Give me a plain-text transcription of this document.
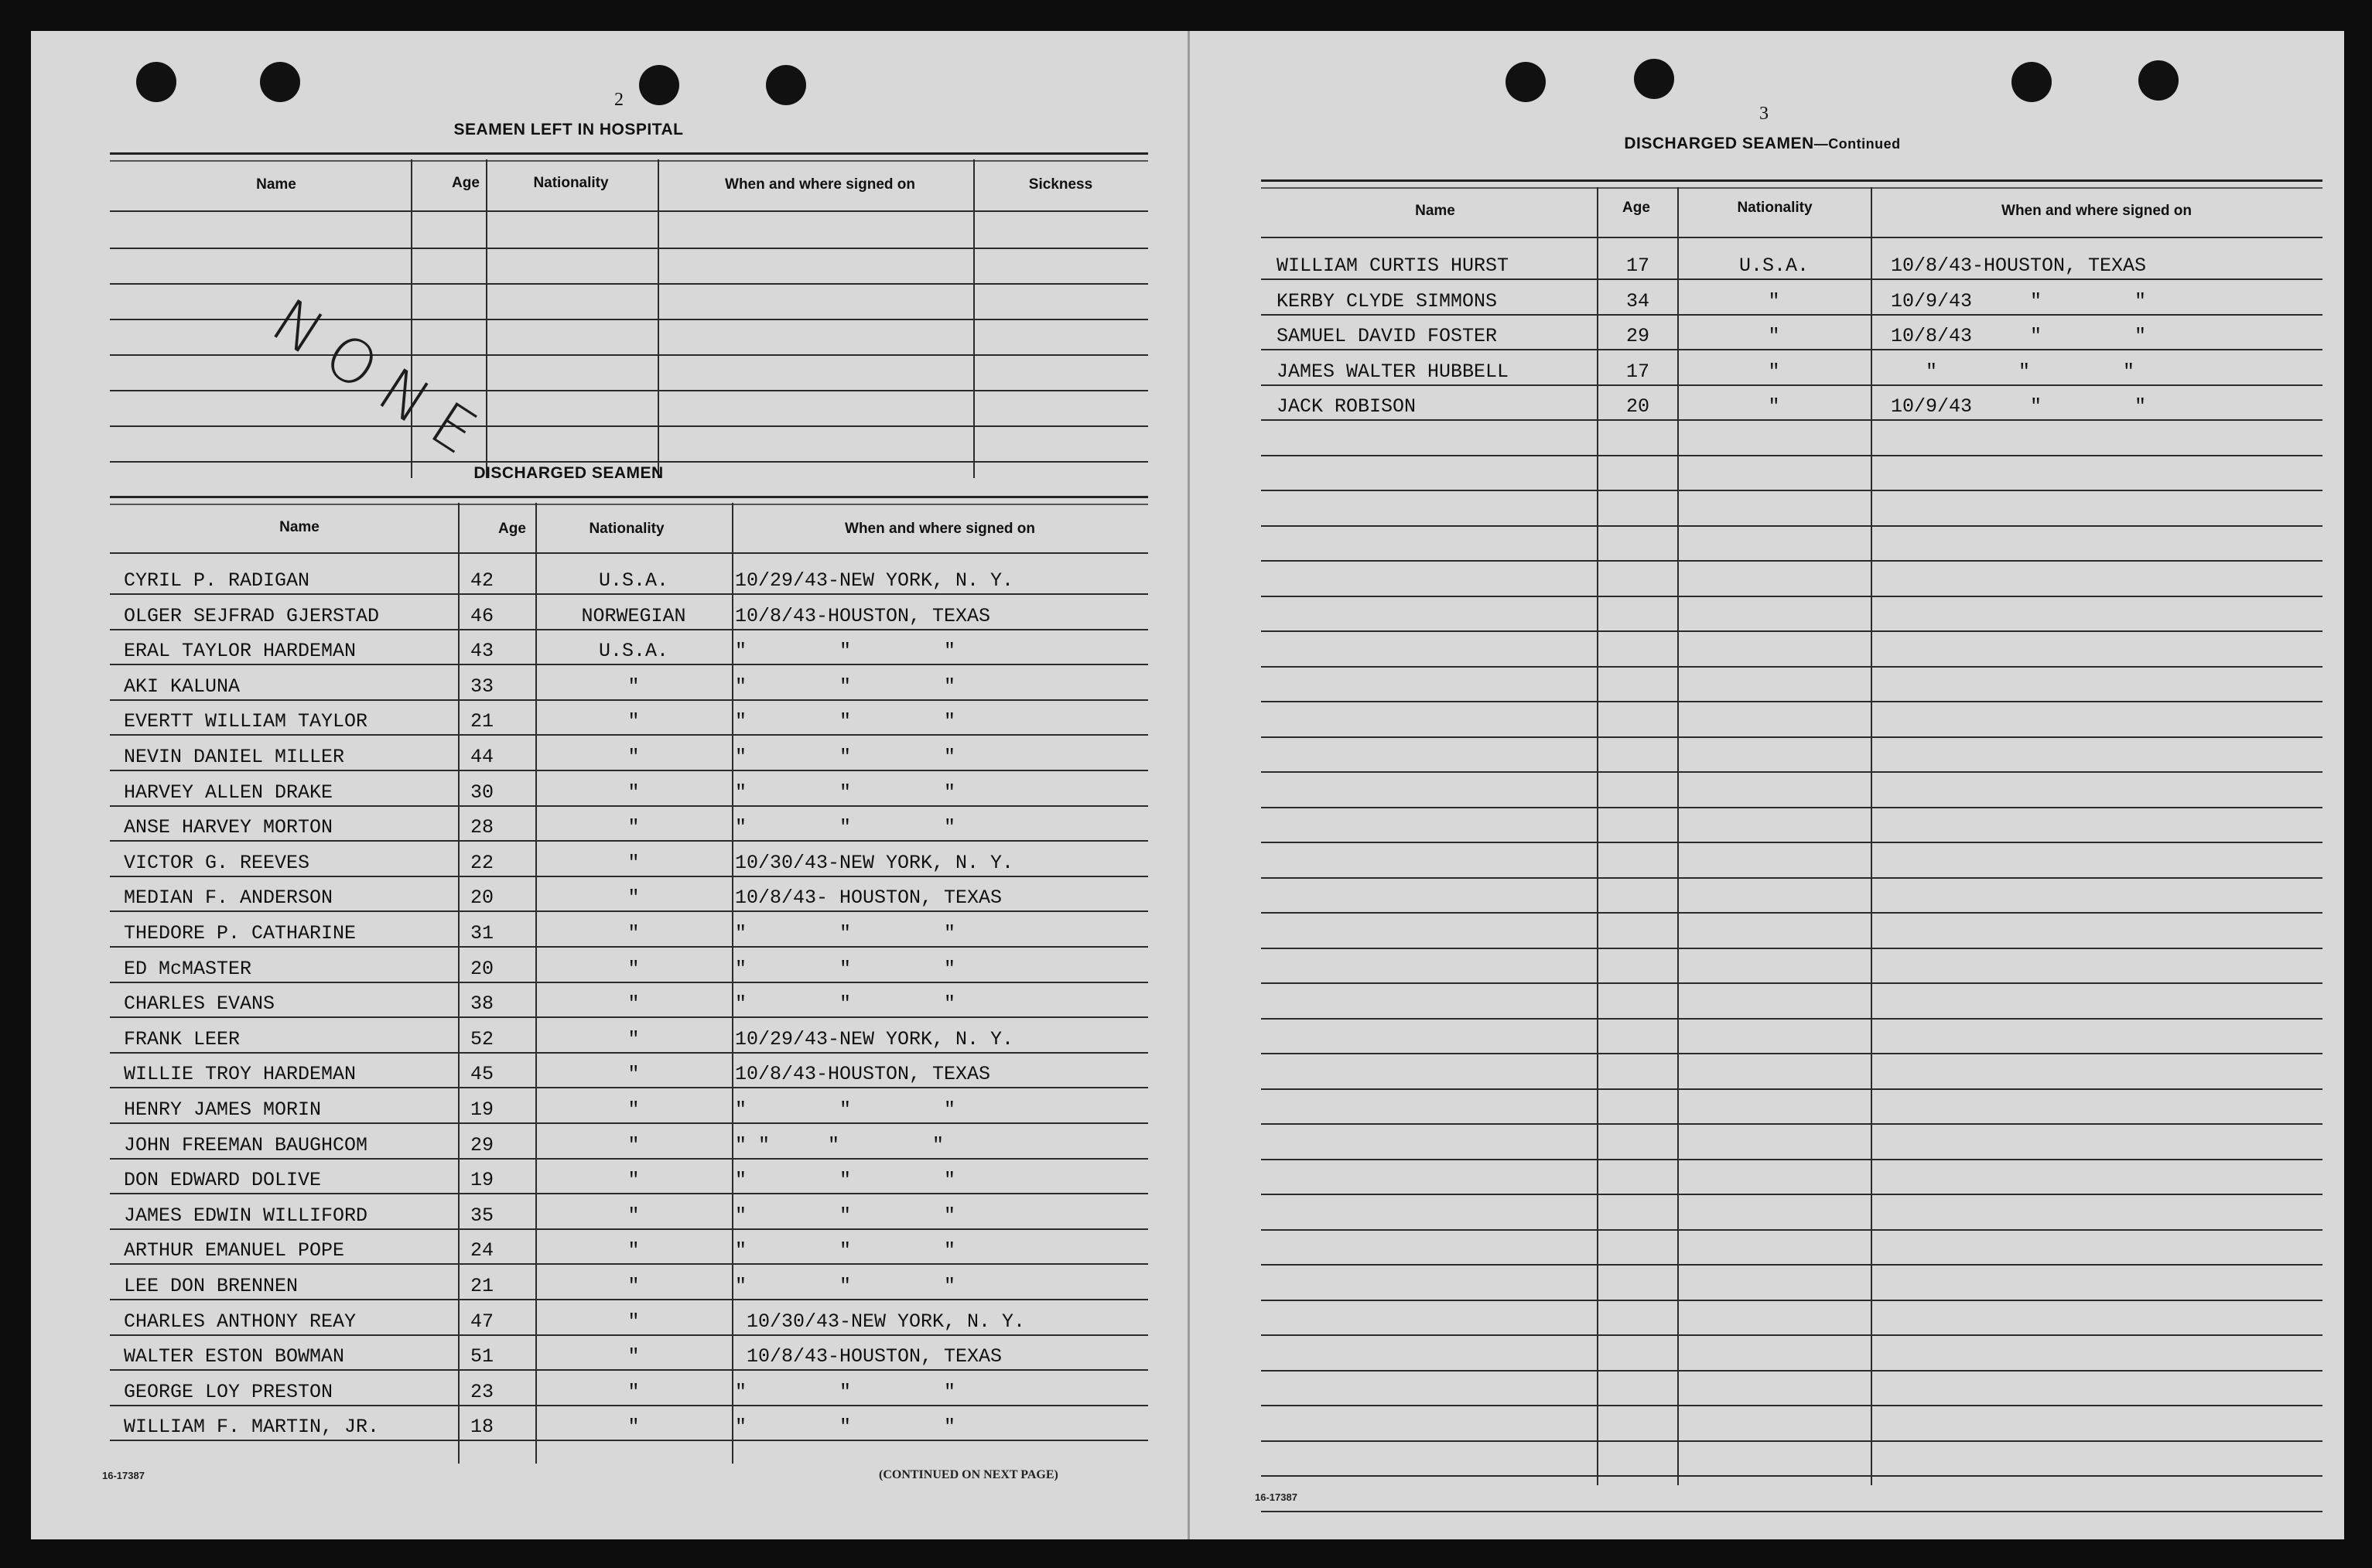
2
SEAMEN LEFT IN HOSPITAL
Name	Age	Nationality	When and where signed on	Sickness
NONE
DISCHARGED SEAMEN
Name	Age	Nationality	When and where signed on
CYRIL P. RADIGAN	42	U.S.A.	10/29/43-NEW YORK, N. Y.
OLGER SEJFRAD GJERSTAD	46	NORWEGIAN	10/8/43-HOUSTON, TEXAS
ERAL TAYLOR HARDEMAN	43	U.S.A.	"        "        "
AKI KALUNA	33	"	"        "        "
EVERTT WILLIAM TAYLOR	21	"	"        "        "
NEVIN DANIEL MILLER	44	"	"        "        "
HARVEY ALLEN DRAKE	30	"	"        "        "
ANSE HARVEY MORTON	28	"	"        "        "
VICTOR G. REEVES	22	"	10/30/43-NEW YORK, N. Y.
MEDIAN F. ANDERSON	20	"	10/8/43- HOUSTON, TEXAS
THEDORE P. CATHARINE	31	"	"        "        "
ED McMASTER	20	"	"        "        "
CHARLES EVANS	38	"	"        "        "
FRANK LEER	52	"	10/29/43-NEW YORK, N. Y.
WILLIE TROY HARDEMAN	45	"	10/8/43-HOUSTON, TEXAS
HENRY JAMES MORIN	19	"	"        "        "
JOHN FREEMAN BAUGHCOM	29	"	" "     "        "
DON EDWARD DOLIVE	19	"	"        "        "
JAMES EDWIN WILLIFORD	35	"	"        "        "
ARTHUR EMANUEL POPE	24	"	"        "        "
LEE DON BRENNEN	21	"	"        "        "
CHARLES ANTHONY REAY	47	"	10/30/43-NEW YORK, N. Y.
WALTER ESTON BOWMAN	51	"	10/8/43-HOUSTON, TEXAS
GEORGE LOY PRESTON	23	"	"        "        "
WILLIAM F. MARTIN, JR.	18	"	"        "        "
16-17387	(CONTINUED ON NEXT PAGE)
3
DISCHARGED SEAMEN—Continued
Name	Age	Nationality	When and where signed on
WILLIAM CURTIS HURST	17	U.S.A.	10/8/43-HOUSTON, TEXAS
KERBY CLYDE SIMMONS	34	"	10/9/43     "        "
SAMUEL DAVID FOSTER	29	"	10/8/43     "        "
JAMES WALTER HUBBELL	17	"	"       "        "
JACK ROBISON	20	"	10/9/43     "        "
16-17387
